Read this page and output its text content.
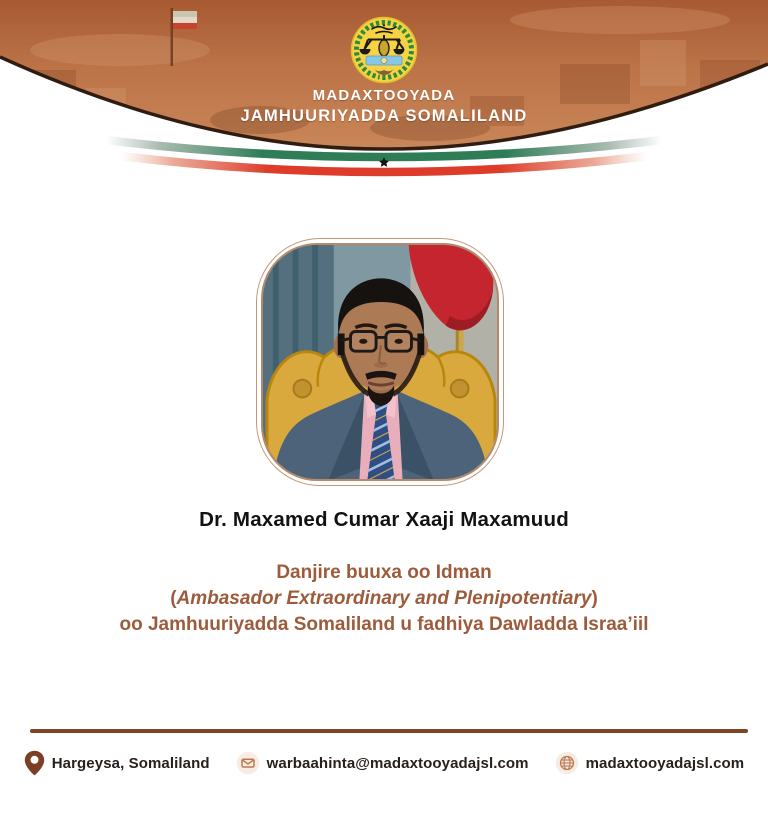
MADAXTOOYADA
JAMHUURIYADDA SOMALILAND
Dr. Maxamed Cumar Xaaji Maxamuud
Danjire buuxa oo Idman
(Ambasador Extraordinary and Plenipotentiary)
oo Jamhuuriyadda Somaliland u fadhiya Dawladda Israa’iil
Hargeysa, Somaliland	warbaahinta@madaxtooyadajsl.com	madaxtooyadajsl.com
